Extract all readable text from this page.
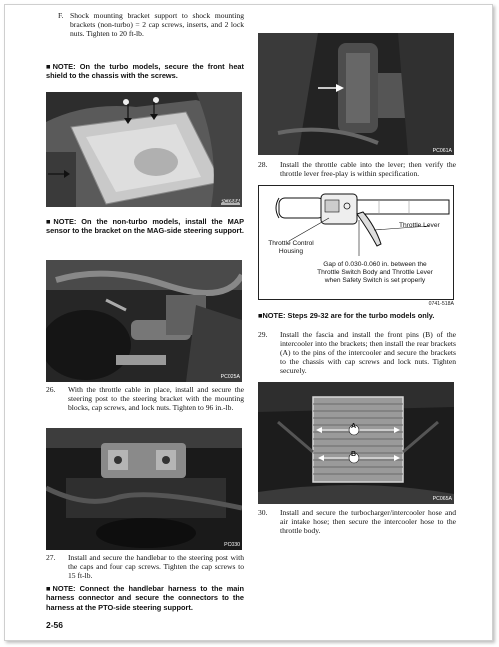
F. Shock mounting bracket support to shock mounting brackets (non-turbo) = 2 cap screws, inserts, and 2 lock nuts. Tighten to 20 ft-lb.
■NOTE: On the turbo models, secure the front heat shield to the chassis with the screws.
PC058A
■NOTE: On the non-turbo models, install the MAP sensor to the bracket on the MAG-side steering support.
PC025A
26. With the throttle cable in place, install and secure the steering post to the steering bracket with the mounting blocks, cap screws, and lock nuts. Tighten to 96 in.-lb.
PC030
27. Install and secure the handlebar to the steering post with the caps and four cap screws. Tighten the cap screws to 15 ft-lb.
■NOTE: Connect the handlebar harness to the main harness connector and secure the connectors to the harness at the PTO-side steering support.
2-56
PC061A
28. Install the throttle cable into the lever; then verify the throttle lever free-play is within specification.
Throttle Lever
Throttle Control
Housing
Gap of 0.030-0.060 in. between the
Throttle Switch Body and Throttle Lever
when Safety Switch is set properly
0741-518A
■NOTE: Steps 29-32 are for the turbo models only.
29. Install the fascia and install the front pins (B) of the intercooler into the brackets; then install the rear brackets (A) to the pins of the intercooler and secure the brackets to the chassis with cap screws and lock nuts. Tighten securely.
A
B
PC065A
30. Install and secure the turbocharger/intercooler hose and air intake hose; then secure the intercooler hose to the throttle body.
